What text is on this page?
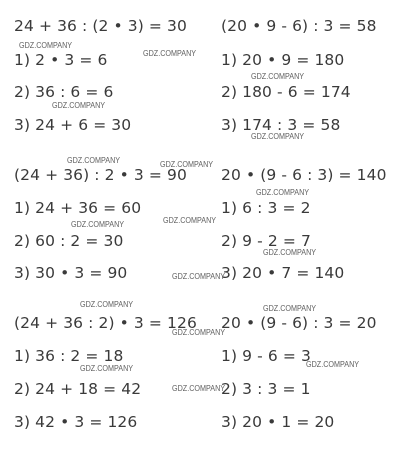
24 + 36 : (2 • 3) = 30
1) 2 • 3 = 6
2) 36 : 6 = 6
3) 24 + 6 = 30
(20 • 9 - 6) : 3 = 58
1) 20 • 9 = 180
2) 180 - 6 = 174
3) 174 : 3 = 58
(24 + 36) : 2 • 3 = 90
1) 24 + 36 = 60
2) 60 : 2 = 30
3) 30 • 3 = 90
20 • (9 - 6 : 3) = 140
1) 6 : 3 = 2
2) 9 - 2 = 7
3) 20 • 7 = 140
(24 + 36 : 2) • 3 = 126
1) 36 : 2 = 18
2) 24 + 18 = 42
3) 42 • 3 = 126
20 • (9 - 6) : 3 = 20
1) 9 - 6 = 3
2) 3 : 3 = 1
3) 20 • 1 = 20
GDZ.COMPANY
GDZ.COMPANY
GDZ.COMPANY
GDZ.COMPANY
GDZ.COMPANY
GDZ.COMPANY	GDZ.COMPANY
GDZ.COMPANY
GDZ.COMPANY
GDZ.COMPANY
GDZ.COMPANY
GDZ.COMPANY
GDZ.COMPANY	GDZ.COMPANY
GDZ.COMPANY
GDZ.COMPANY
GDZ.COMPANY
GDZ.COMPANY
